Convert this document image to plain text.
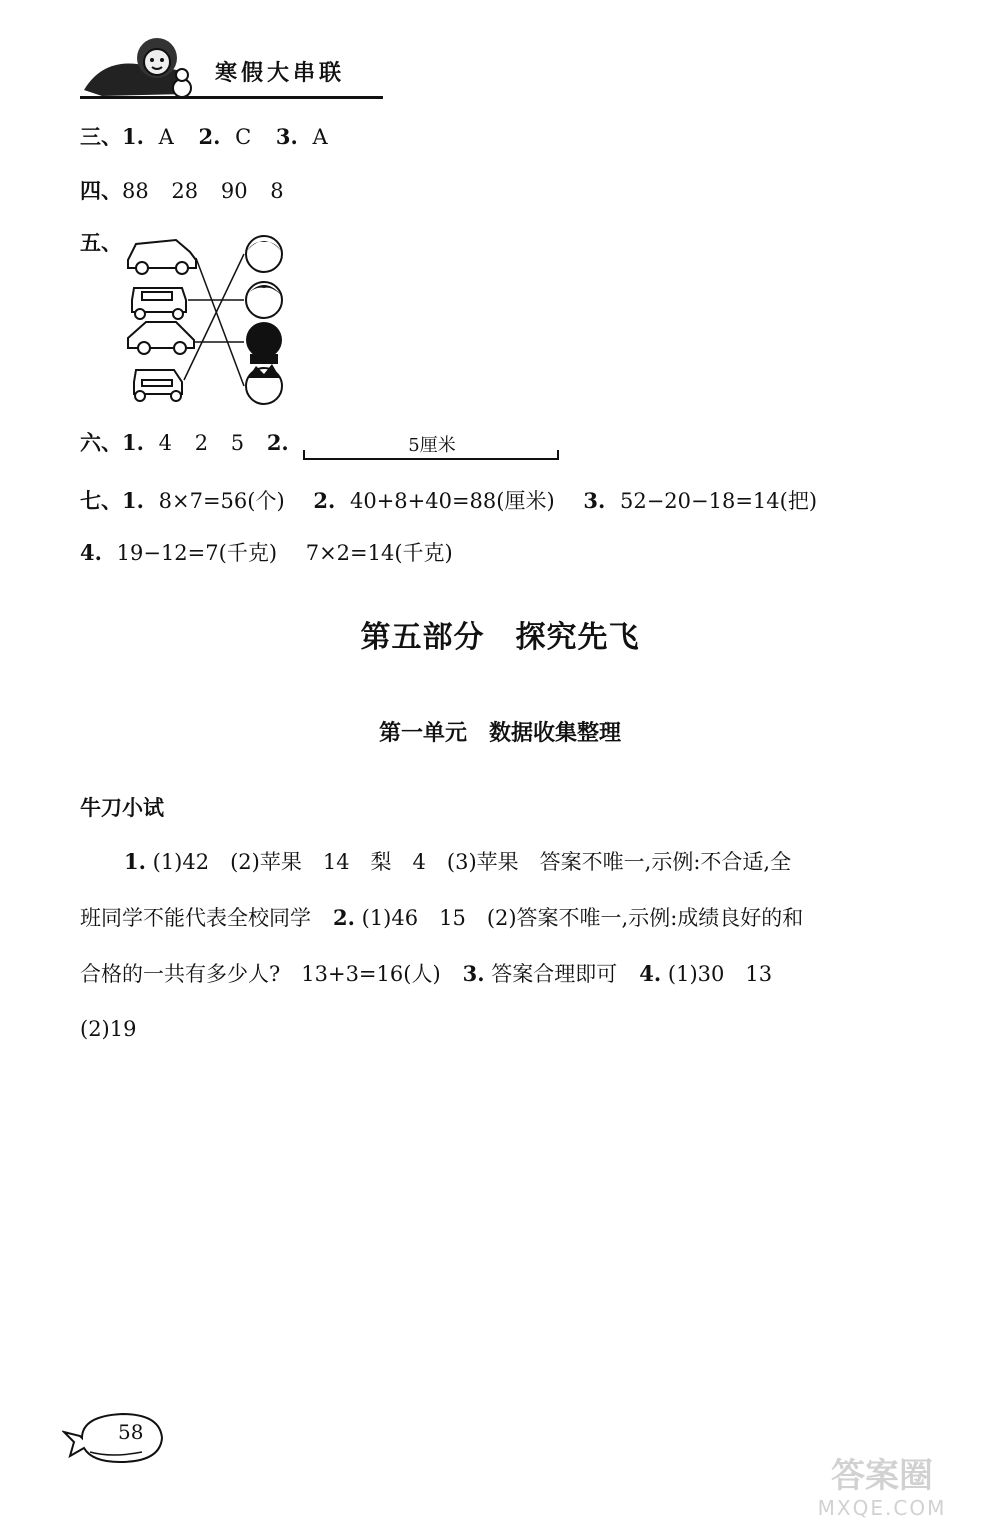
寒假大串联
三、1. A 2. C 3. A
四、88 28 90 8
五、
六、1. 4 2 5 2.	5厘米
七、1. 8×7=56(个) 2. 40+8+40=88(厘米) 3. 52−20−18=14(把)
4. 19−12=7(千克) 7×2=14(千克)
第五部分　探究先飞
第一单元　数据收集整理
牛刀小试
1. (1)42　(2)苹果　14　梨　4　(3)苹果　答案不唯一,示例:不合适,全
班同学不能代表全校同学 2. (1)46　15　(2)答案不唯一,示例:成绩良好的和
合格的一共有多少人?　13+3=16(人) 3. 答案合理即可 4. (1)30　13
(2)19
58
答案圈
MXQE.COM
